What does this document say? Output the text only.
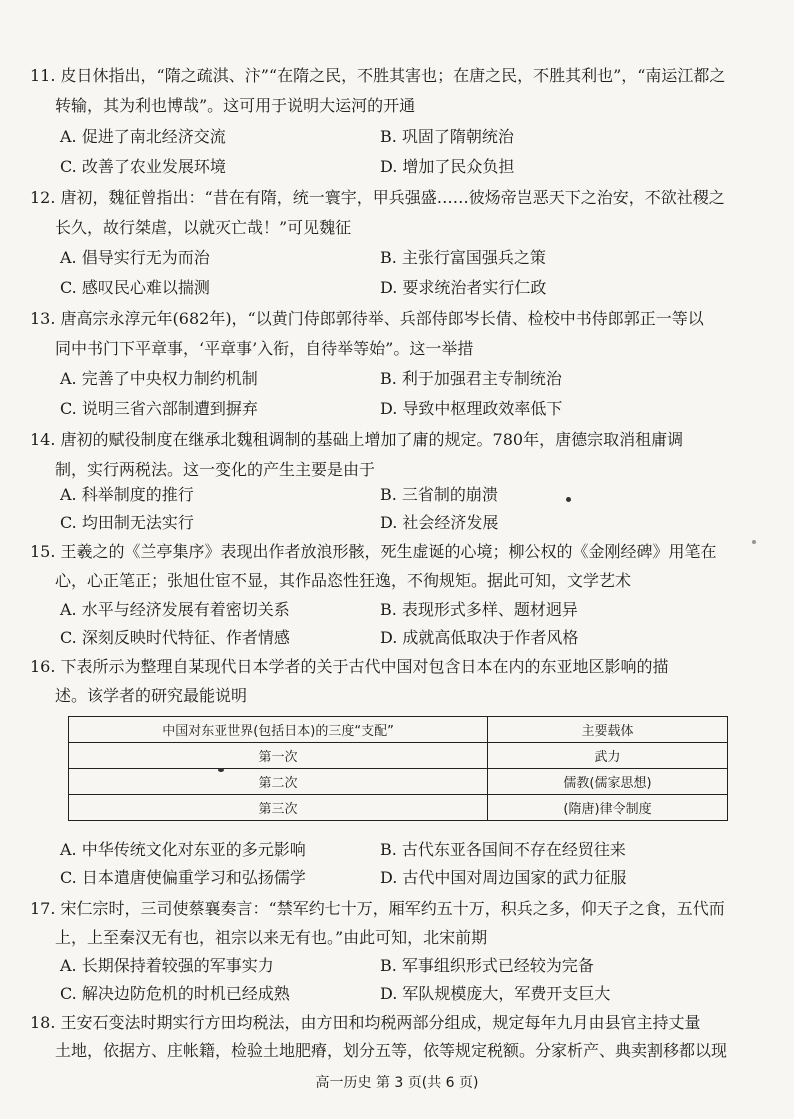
11. 皮日休指出，“隋之疏淇、汴”“在隋之民，不胜其害也；在唐之民，不胜其利也”，“南运江都之
转输，其为利也博哉”。这可用于说明大运河的开通
A. 促进了南北经济交流	B. 巩固了隋朝统治
C. 改善了农业发展环境	D. 增加了民众负担
12. 唐初，魏征曾指出：“昔在有隋，统一寰宇，甲兵强盛……彼炀帝岂恶天下之治安，不欲社稷之
长久，故行桀虐，以就灭亡哉！”可见魏征
A. 倡导实行无为而治	B. 主张行富国强兵之策
C. 感叹民心难以揣测	D. 要求统治者实行仁政
13. 唐高宗永淳元年(682年)，“以黄门侍郎郭待举、兵部侍郎岑长倩、检校中书侍郎郭正一等以
同中书门下平章事，‘平章事’入衔，自待举等始”。这一举措
A. 完善了中央权力制约机制	B. 利于加强君主专制统治
C. 说明三省六部制遭到摒弃	D. 导致中枢理政效率低下
14. 唐初的赋役制度在继承北魏租调制的基础上增加了庸的规定。780年，唐德宗取消租庸调
制，实行两税法。这一变化的产生主要是由于
A. 科举制度的推行	B. 三省制的崩溃
C. 均田制无法实行	D. 社会经济发展
15. 王羲之的《兰亭集序》表现出作者放浪形骸，死生虚诞的心境；柳公权的《金刚经碑》用笔在
心，心正笔正；张旭仕宦不显，其作品恣性狂逸，不徇规矩。据此可知，文学艺术
A. 水平与经济发展有着密切关系	B. 表现形式多样、题材迥异
C. 深刻反映时代特征、作者情感	D. 成就高低取决于作者风格
16. 下表所示为整理自某现代日本学者的关于古代中国对包含日本在内的东亚地区影响的描
述。该学者的研究最能说明
中国对东亚世界(包括日本)的三度“支配”	主要载体
第一次	武力
第二次	儒教(儒家思想)
第三次	(隋唐)律令制度
A. 中华传统文化对东亚的多元影响	B. 古代东亚各国间不存在经贸往来
C. 日本遣唐使偏重学习和弘扬儒学	D. 古代中国对周边国家的武力征服
17. 宋仁宗时，三司使蔡襄奏言：“禁军约七十万，厢军约五十万，积兵之多，仰天子之食，五代而
上，上至秦汉无有也，祖宗以来无有也。”由此可知，北宋前期
A. 长期保持着较强的军事实力	B. 军事组织形式已经较为完备
C. 解决边防危机的时机已经成熟	D. 军队规模庞大，军费开支巨大
18. 王安石变法时期实行方田均税法，由方田和均税两部分组成，规定每年九月由县官主持丈量
土地，依据方、庄帐籍，检验土地肥瘠，划分五等，依等规定税额。分家析产、典卖割移都以现
高一历史 第 3 页(共 6 页)
